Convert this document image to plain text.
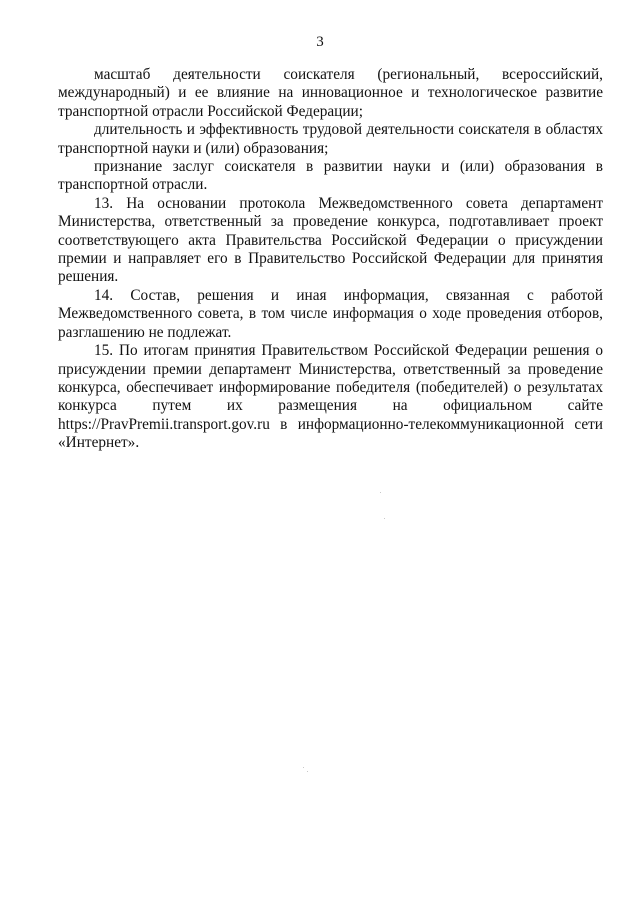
3

масштаб деятельности соискателя (региональный, всероссийский, международный) и ее влияние на инновационное и технологическое развитие транспортной отрасли Российской Федерации;

длительность и эффективность трудовой деятельности соискателя в областях транспортной науки и (или) образования;

признание заслуг соискателя в развитии науки и (или) образования в транспортной отрасли.

13. На основании протокола Межведомственного совета департамент Министерства, ответственный за проведение конкурса, подготавливает проект соответствующего акта Правительства Российской Федерации о присуждении премии и направляет его в Правительство Российской Федерации для принятия решения.

14. Состав, решения и иная информация, связанная с работой Межведомственного совета, в том числе информация о ходе проведения отборов, разглашению не подлежат.

15. По итогам принятия Правительством Российской Федерации решения о присуждении премии департамент Министерства, ответственный за проведение конкурса, обеспечивает информирование победителя (победителей) о результатах конкурса путем их размещения на официальном сайте https://PravPremii.transport.gov.ru в информационно-телекоммуникационной сети «Интернет».
